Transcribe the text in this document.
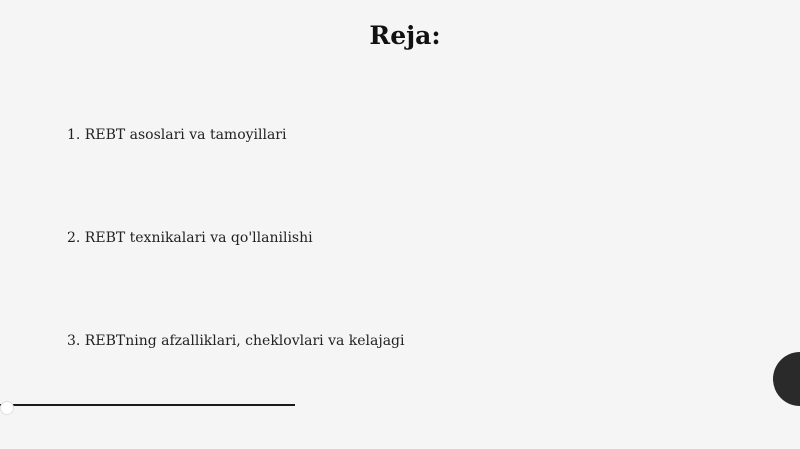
Reja:
1. REBT asoslari va tamoyillari
2. REBT texnikalari va qo'llanilishi
3. REBTning afzalliklari, cheklovlari va kelajagi
